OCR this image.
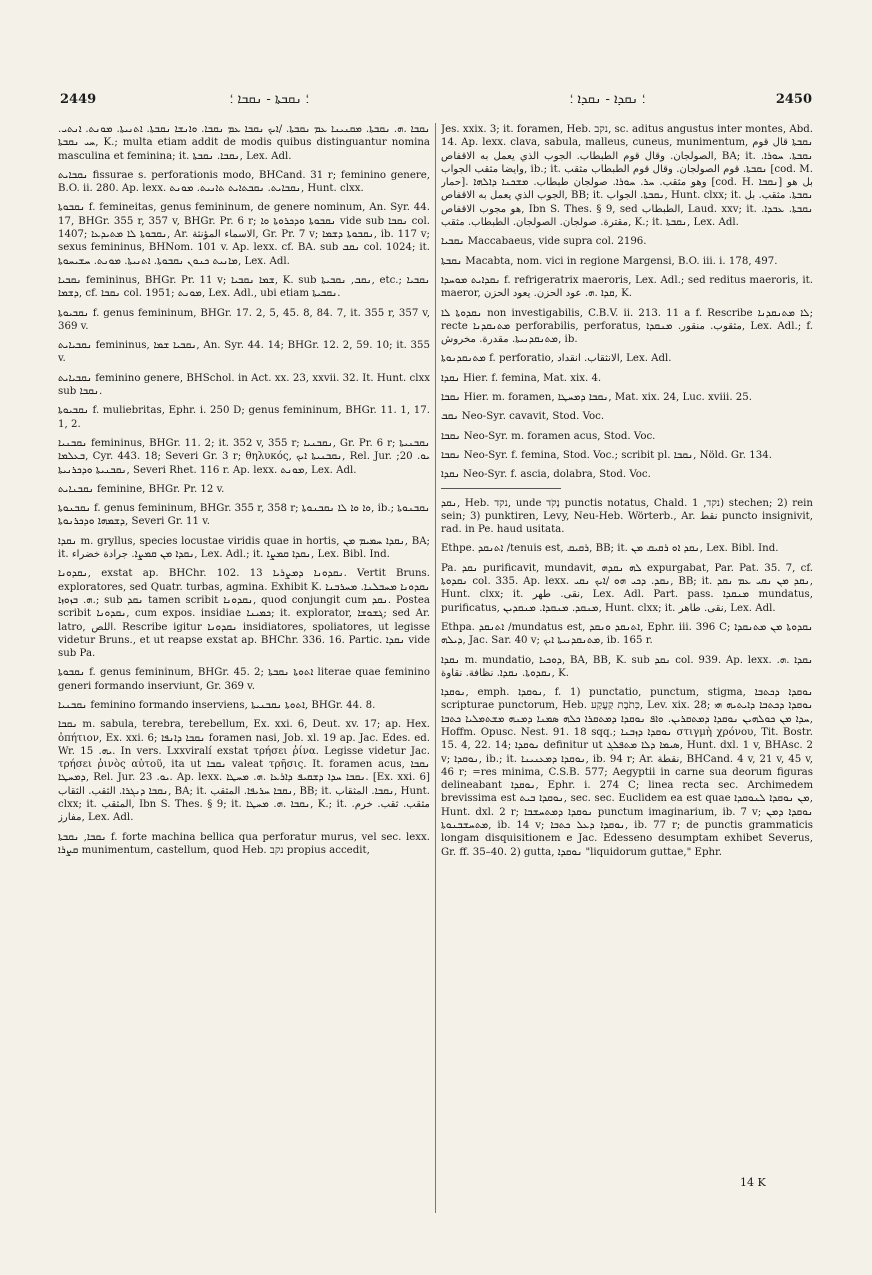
2449	؛ ܢܩܒܬܐ - ܢܩܒܐ ؛	؛ ܢܩܕܐ - ܢܩܕܐ ؛	2450

ܢܩܒܐ .ܗ. ܢܩܒܬܐ. ܡܩܢܝܢܐ ܥܡ ܢܩܒܬܐ. /ܐܝܟ ܢܩܒܐ ܥܡ ܢܩܒܐ. ܘܐܢܫܐ ܢܩܒܬܐ. ܐܬܢܝܬܐ. ܡܘܢܬ. ܐܢܬܝ. ܚܝ ܢܩܒܬܐ, K.; multa etiam addit de modis quibus distinguantur nomina masculina et feminina; it. ܢܩܒܐ. ܢܩܒܬܐ, Lex. Adl.

ܢܩܒܐܝܬ fissurae s. perforationis modo, BHCand. 31 r; feminino genere, B.O. ii. 280. Ap. lexx. ܢܩܒܐܝܬ. ܢܩܒܬܐܝܬ ܬܐܢܝܬ. ܡܘܢܬ, Hunt. clxx.

ܢܩܒܘܬܐ f. femineitas, genus femininum, de genere nominum, An. Syr. 44. 17, BHGr. 355 r, 357 v, BHGr. Pr. 6 r; ܢܩܒܘܬܐ ܘܕܟܪܘܬܐ ܘܐ vide sub ܢܩܒܐ col. 1407; ܢܩܒܘܬܐ ܠܐ ܡܬܝܕܥܐ, Ar. الاسماء المؤنثة, Gr. Pr. 7 v; ܢܩܒܘܬܐ ܕܫܡܐ, ib. 117 v; sexus femininus, BHNom. 101 v. Ap. lexx. cf. BA. sub ܢܩܒ col. 1024; it. ܡܐܢܝܬ ܟܢܘܢ ܢܩܒܘܬܐ. ܐܬܢܝܬܐ. ܡܘܢܬ. ܚܫܝܚܘܬܐ, Lex. Adl.

ܢܩܒܝܐ femininus, BHGr. Pr. 11 v; ܫܡܐ ܢܩܒܝܐ, K. sub ܢܩܒ, ܢܩܒܝܬܐ, etc.; ܢܩܒܝܐ ܕܫܡܐ, cf. ܢܩܒܐ col. 1951; ܡܘܢܬ, Lex. Adl., ubi etiam ܢܩܒܝܬܐ.

ܢܩܒܝܘܬܐ f. genus femininum, BHGr. 17. 2, 5, 45. 8, 84. 7, it. 355 r, 357 v, 369 v.

ܢܩܒܝܐܝܬ femininus, ܢܩܒܝܐ ܫܡܐ, An. Syr. 44. 14; BHGr. 12. 2, 59. 10; it. 355 v.

ܢܩܒܝܐܝܬ feminino genere, BHSchol. in Act. xx. 23, xxvii. 32. It. Hunt. clxx sub ܢܩܒܐ.

ܢܩܒܝܘܬܐ f. muliebritas, Ephr. i. 250 D; genus femininum, BHGr. 11. 1, 17. 1, 2.

ܢܩܒܢܝܐ femininus, BHGr. 11. 2; it. 352 v, 355 r; ܢܩܒܢܝܐ, Gr. Pr. 6 r; ܢܩܒܢܝܬܐ ܒܥܠܡܐ, Cyr. 443. 18; Severi Gr. 3 r; θηλυκός, ܢܩܒܢܝܬܐ ܐܝܟ, Rel. Jur. ܝܘ. 20; ܢܩܒܢܝܬܐ ܘܕܟܪܢܝܬܐ, Severi Rhet. 116 r. Ap. lexx. ܡܘܢܬ, Lex. Adl.

ܢܩܒܢܐܝܬ feminine, BHGr. Pr. 12 v.

ܢܩܒܢܘܬܐ f. genus femininum, BHGr. 355 r, 358 r; ܘܐ ܘܐ ܠܐ ܢܩܒܢܘܬܐ, ib.; ܢܩܒܢܘܬܐ ܕܫܡܗܐ ܘܕܟܪܢܘܬܐ, Severi Gr. 11 v.

ܢܩܕܐ m. gryllus, species locustae viridis quae in hortis, ܢܩܕܐ ܚܡܝܡ ܡܢ, BA; it. ܢܩܕܐ ܡܢ ܩܡܨܐ. جرادة خضراء, Lex. Adl.; it. ܢܩܕܐ ܩܡܨܐ, Lex. Bibl. Ind.

ܢܩܕܘܢܐ, exstat ap. BHChr. 102. 13 ܢܩܕܘܢܐ ܕܡܨܪܝܐ. Vertit Bruns. exploratores, sed Quatr. turbas, agmina. Exhibit K. ܢܩܕܘܢܐ ܡܚܒܠܢܐ. ܡܚܪܒܢܐ .ܗ. ܒܙܘܙܐ; sub ܢܩܕ tamen scribit ܢܩܕܘܢܐ, quod conjungit cum ܢܩܕ. Postea scribit ܢܩܕܘܢܐ, cum expos. insidiae ܟܡܝܢܐ; it. explorator, ܓܫܘܫܐ; sed Ar. latro, اللص. Rescribe igitur ܢܩܕܘܢܐ insidiatores, spoliatores, ut legisse videtur Bruns., et ut reapse exstat ap. BHChr. 336. 16. Partic. ܢܩܕܐ vide sub Pa.

ܢܩܒܘܬܐ f. genus femininum, BHGr. 45. 2; ܐܬܘܬܐ ܢܩܒܬܐ literae quae feminino generi formando inserviunt, Gr. 369 v.

ܢܩܒܢܝܐ feminino formando inserviens, ܐܬܘܬܐ ܢܩܒܢܝܬܐ, BHGr. 44. 8.

ܢܩܒܐ m. sabula, terebra, terebellum, Ex. xxi. 6, Deut. xv. 17; ap. Hex. ὀπήτιον, Ex. xxi. 6; ܢܩܒܐ ܕܐܢܦܐ foramen nasi, Job. xl. 19 ap. Jac. Edes. ed. Wr. ܝܗ. 15. In vers. Lxxviralí exstat τρήσει ῥίνα. Legisse videtur Jac. τρήσει ῥινὸς αὐτοῦ, ita ut ܢܩܒܐ valeat τρῆσις. It. foramen acus, ܢܩܒܐ ܕܡܚܛܐ, Rel. Jur. ܝܘ. 23. Ap. lexx. ܢܩܒܐ ܚܕܐ ܕܫܩܝܦ ܕܐܪܥܐ .ܗ. ܡܚܛܐ. [Ex. xxi. 6] ܢܩܒܐ ܕܢܓܪܐ. الثقب. الثقاب, BA; it. ܢܩܒܐ ܚܪܝܦܐ. المثقب, BB; it. ܢܩܒܐ. المثقاب, Hunt. clxx; it. المثقب, Ibn S. Thes. § 9; it. ܢܩܒܐ .ܗ. ܡܚܛܐ, K.; it. مثقب. ثقب. خرم. مفارز, Lex. Adl.

ܢܩܒܐ, ܢܩܒܬܐ f. forte machina bellica qua perforatur murus, vel sec. lexx. ܩܨܪܐ munimentum, castellum, quod Heb. נקב propius accedit,

Jes. xxix. 3; it. foramen, Heb. נקב, sc. aditus angustus inter montes, Abd. 14. Ap. lexx. clava, sabula, malleus, cuneus, munimentum, ܢܩܒܬܐ قال قوم الصولجان. وقال قوم الطبطاب. الجوب الذي يعمل به الاقفاص, BA; it. ܢܩܒܬܐ. ܚܘܪܐ. وايضا مثقب الجواب, ib.; it. ܢܩܒܬܐ. قوم الصولجان. وقال قوم الطبطاب مثقب [cod. M. حمار]. وهو مثقب. ܚܪ. ܚܘܪܐ. صولجان طبطاب. ܡܫܟܢܐ ܕܐܠܗܐ [cod. H. ܢܩܒܐ] بل هو الجوب الذي يعمل به الاقفاص, BB; it. ܢܩܒܬܐ. الجواب, Hunt. clxx; it. ܢܩܒܬܐ. مثقب. بل هو مجوب الاقفاص, Ibn S. Thes. § 9, sed الطبطاب, Laud. xxv; it. ܢܩܒܬܐ. ܥܒܕܐ. مقترة. صولجان. الصولجان. الطبطاب. مثقب, K.; it. ܢܩܒܬܐ, Lex. Adl.

ܢܩܒܝܐ Maccabaeus, vide supra col. 2196.

ܢܩܒܬܐ Macabta, nom. vici in regione Margensi, B.O. iii. i. 178, 497.

ܢܩܕܐܝܬ ܡܘܚܕܐ f. refrigeratrix maeroris, Lex. Adl.; sed reditus maeroris, it. maeror, ܩܕܐ .ܗ. عود الحزن. يعود الحزن, K.

ܢܩܕܘܬܐ ܠܐ non investigabilis, C.B.V. ii. 213. 11 a f. Rescribe ܠܐ ܡܬܢܩܕܢܐ; recte ܡܬܢܩܕܢܐ perforabilis, perforatus, مثقوب. منقور. ܡܢܩܕܐ, Lex. Adl.; f. ܡܬܢܩܕܢܝܬܐ. مقدرة. مخروش, ib.

ܡܬܢܩܕܢܘܬܐ f. perforatio, الانثقاب. انقداد, Lex. Adl.

ܢܩܕܐ Hier. f. femina, Mat. xix. 4.

ܢܩܒܐ Hier. m. foramen, ܢܩܒܐ ܕܡܚܛܐ, Mat. xix. 24, Luc. xviii. 25.

ܢܩܒ Neo-Syr. cavavit, Stod. Voc.

ܢܩܒܐ Neo-Syr. m. foramen acus, Stod. Voc.

ܢܩܒܐ Neo-Syr. f. femina, Stod. Voc.; scribit pl. ܢܩܒܐ, Nöld. Gr. 134.

ܢܩܕܐ Neo-Syr. f. ascia, dolabra, Stod. Voc.

ܢܩܕ, Heb. נקד, unde נָקֹד punctis notatus, Chald. נקד, 1) stechen; 2) rein sein; 3) punktiren, Levy, Neu-Heb. Wörterb., Ar. نقط puncto insignivit, rad. in Pe. haud usitata.

Ethpe. ܐܬܢܩܕ /tenuis est, ܪܩܝܩ, BB; it. ܢܩܕ ܐܘ ܪܩܝܩ ܡܢ, Lex. Bibl. Ind.

Pa. ܢܩܕ purificavit, mundavit, ܠܗ ܢܩܕܗ expurgabat, Par. Pat. 35. 7, cf. ܢܩܕܘܬܐ col. 335. Ap. lexx. ܢܩܕ. ܕܟܝ ܗܘ /ܐܝܟ ܢܩܝ, BB; it. ܢܩܕ ܡܢ ܢܩܝ ܥܡ ܢܩܕ, Hunt. clxx; it. نقى. طهر, Lex. Adl. Part. pass. ܡܢܩܕܐ mundatus, purificatus, ܡܢܩܕ. ܡܢܩܕܐ. ܡܢܩܕܝܢ, Hunt. clxx; it. نقى. طاهر, Lex. Adl.

Ethpa. ܐܬܢܩܕ /mundatus est, ܐܬܢܩܕ ܘܢܩܕ, Ephr. iii. 396 C; ܢܩܕܘܬܐ ܡܢ ܡܬܢܩܕܐ ܕܝܠܗ, Jac. Sar. 40 v; ܡܬܢܩܕܢܝܬܐ ܐܝܟ, ib. 165 r.

ܢܩܕܐ m. mundatio, ܕܘܟܝܐ, BA, BB, K. sub ܢܩܕ col. 939. Ap. lexx. ܢܩܕܐ .ܗ. ܢܩܕܘܬܐ. ܢܩܕܐ. نظافة. نقاوة, K.

ܢܘܩܕܐ, emph. ܢܘܩܕܐ, f. 1) punctatio, punctum, stigma, ܢܘܩܕܐ ܕܟܬܒܐ scripturae punctorum, Heb. כְּתֹבֶת קַעֲקַע, Lev. xix. 28; ܢܘܩܕܐ ܕܟܬܒܐ ܕܐܝܬܝܗ ܗܝ ܚܕܐ ܡܢ ܟܘܠܗܝܢ ܢܘܩܕܐ ܕܡܬܩܪܝܢ. ܘܐܦ ܢܘܩܕܐ ܕܡܬܩܪܐ ܟܠܗ ܣܡܢܐ ܕܡܢܗ ܡܫܬܡܠܝܐ ܟܬܒܐ, Hoffm. Opusc. Nest. 91. 18 sqq.; ܢܘܩܕܐ ܕܙܒܢܐ στιγμὴ χρόνου, Tit. Bostr. 15. 4, 22. 14; ܢܘܩܕܐ definitur ut ܣܝܡܐ ܕܠܐ ܡܬܦܠܓ, Hunt. dxl. 1 v, BHAsc. 2 v; ܢܘܩܕܐ, ib.; it. ܢܘܩܕܐ ܕܡܥܢܝܢܐ, ib. 94 r; Ar. نقطة, BHCand. 4 v, 21 v, 45 v, 46 r; =res minima, C.S.B. 577; Aegyptii in carne sua deorum figuras delineabant ܢܘܩܕܐ, Ephr. i. 274 C; linea recta sec. Archimedem brevissima est ܢܘܩܕܐ ܒܝܬ, sec. sec. Euclidem ea est quae ܡܢ ܢܘܩܕܐ ܠܢܘܩܕܐ, Hunt. dxl. 2 r; ܢܘܩܕܐ ܕܡܬܚܫܒܐ punctum imaginarium, ib. 7 v; ܢܘܩܕܐ ܕܡܢ ܡܬܚܫܒܢܘܬܐ, ib. 14 v; ܢܘܩܕܐ ܕܥܠ ܟܬܒܐ, ib. 77 r; de punctis grammaticis longam disquisitionem e Jac. Edesseno desumptam exhibet Severus, Gr. ff. 35–40. 2) gutta, ܢܘܩܕܐ "liquidorum guttae," Ephr.

14 K
